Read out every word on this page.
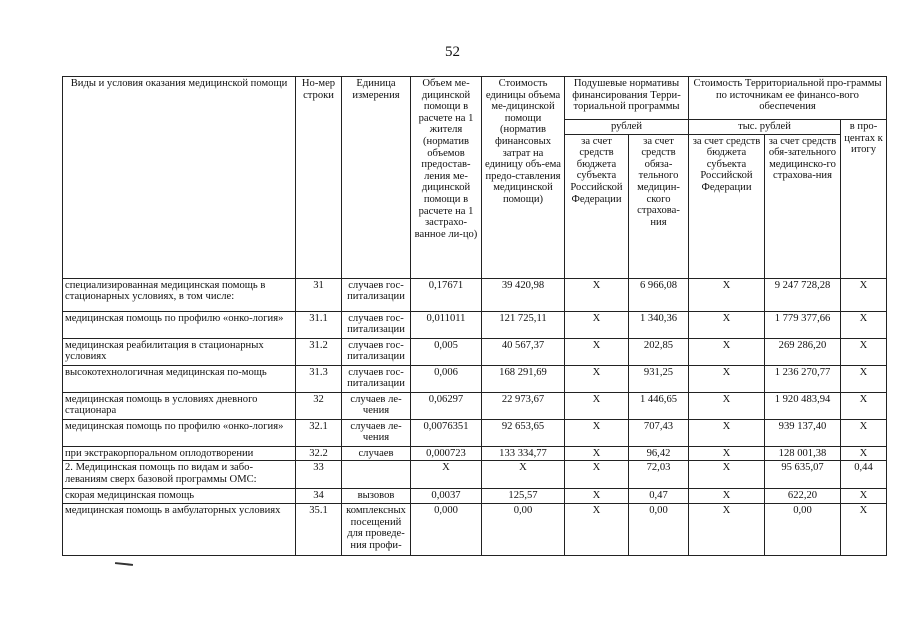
52
Виды и условия оказания медицинской помощи	Но-мер строки	Единица измерения	Объем ме-дицинской помощи в расчете на 1 жителя (норматив объемов предостав-ления ме-дицинской помощи в расчете на 1 застрахо-ванное ли-цо)	Стоимость единицы объема ме-дицинской помощи (норматив финансовых затрат на единицу объ-ема предо-ставления медицинской помощи)	Подушевые нормативы финансирования Терри-ториальной программы		Стоимость Территориальной про-граммы по источникам ее финансо-вого обеспечения		
					рублей		тыс. рублей		в про-центах к итогу
					за счет средств бюджета субъекта Российской Федерации	за счет средств обяза-тельного медицин-ского страхова-ния	за счет средств бюджета субъекта Российской Федерации	за счет средств обя-зательного медицинско-го страхова-ния	
специализированная медицинская помощь в стационарных условиях, в том числе:	31	случаев гос-питализации	0,17671	39 420,98	X	6 966,08	X	9 247 728,28	X
медицинская помощь по профилю «онко-логия»	31.1	случаев гос-питализации	0,011011	121 725,11	X	1 340,36	X	1 779 377,66	X
медицинская реабилитация в стационарных условиях	31.2	случаев гос-питализации	0,005	40 567,37	X	202,85	X	269 286,20	X
высокотехнологичная медицинская по-мощь	31.3	случаев гос-питализации	0,006	168 291,69	X	931,25	X	1 236 270,77	X
медицинская помощь в условиях дневного стационара	32	случаев ле-чения	0,06297	22 973,67	X	1 446,65	X	1 920 483,94	X
медицинская помощь по профилю «онко-логия»	32.1	случаев ле-чения	0,0076351	92 653,65	X	707,43	X	939 137,40	X
при экстракорпоральном оплодотворении	32.2	случаев	0,000723	133 334,77	X	96,42	X	128 001,38	X
2. Медицинская помощь по видам и забо-леваниям сверх базовой программы ОМС:	33		X	X	X	72,03	X	95 635,07	0,44
скорая медицинская помощь	34	вызовов	0,0037	125,57	X	0,47	X	622,20	X
медицинская помощь в амбулаторных условиях	35.1	комплексных посещений для проведе-ния профи-	0,000	0,00	X	0,00	X	0,00	X
